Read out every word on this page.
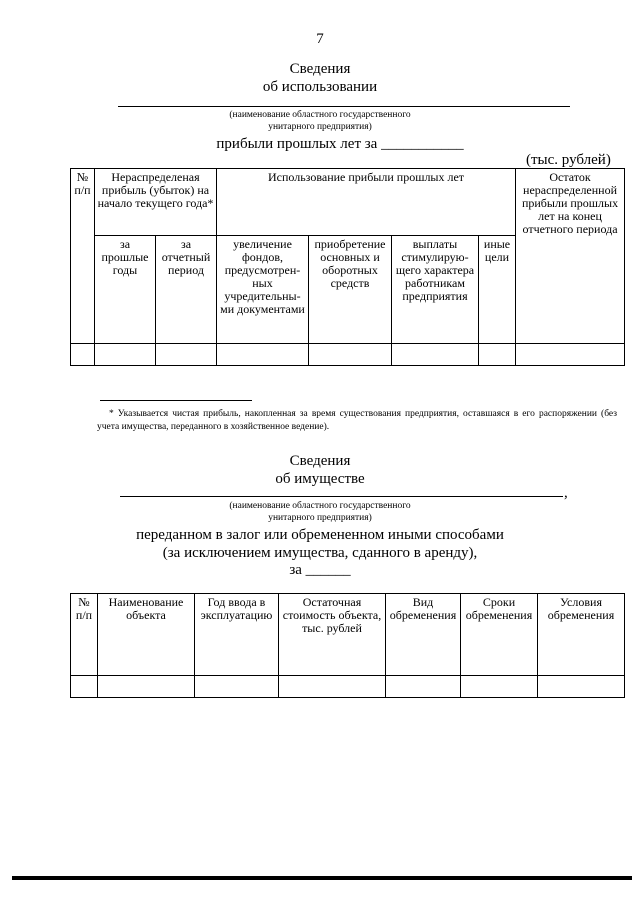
7
Сведения
об использовании
(наименование областного государственного
унитарного предприятия)
прибыли прошлых лет за ___________
(тыс. рублей)
№ п/п	Нераспределеная прибыль (убыток) на начало текущего года*		Использование прибыли прошлых лет				Остаток нераспределенной прибыли прошлых лет на конец отчетного периода
	за прошлые годы	за отчетный период	увеличение фондов, предусмотрен-ных учредительны-ми документами	приобретение основных и оборотных средств	выплаты стимулирую-щего характера работникам предприятия	иные цели	

* Указывается чистая прибыль, накопленная за время существования предприятия, оставшаяся в его распоряжении (без учета имущества, переданного в хозяйственное ведение).
Сведения
об имуществе
,
(наименование областного государственного
унитарного предприятия)
переданном в залог или обремененном иными способами
(за исключением имущества, сданного в аренду),
за ______
№ п/п	Наименование объекта	Год ввода в эксплуатацию	Остаточная стоимость объекта, тыс. рублей	Вид обременения	Сроки обременения	Условия обременения
